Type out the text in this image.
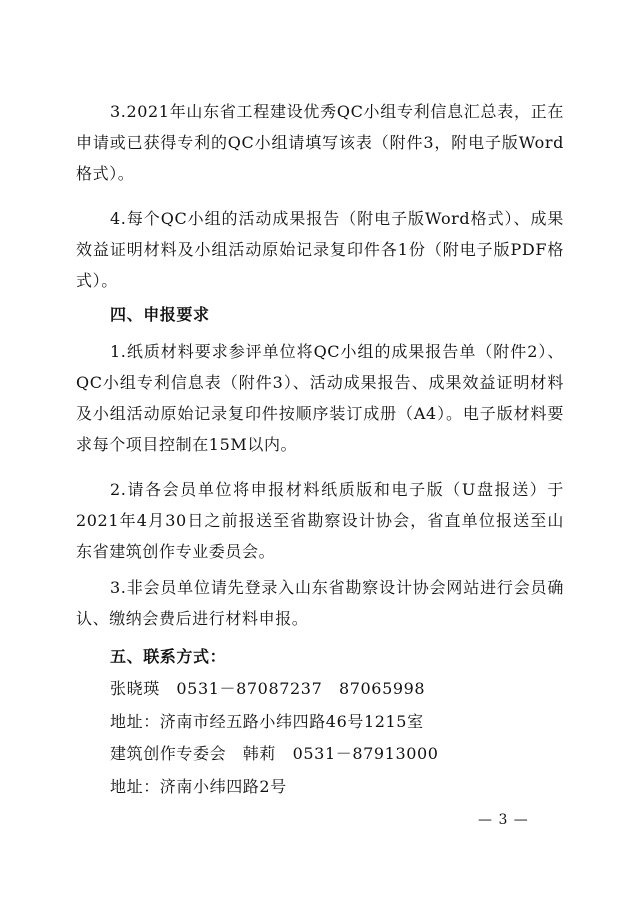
3.2021年山东省工程建设优秀QC小组专利信息汇总表，正在申请或已获得专利的QC小组请填写该表（附件3，附电子版Word格式）。

4.每个QC小组的活动成果报告（附电子版Word格式）、成果效益证明材料及小组活动原始记录复印件各1份（附电子版PDF格式）。

四、申报要求

1.纸质材料要求参评单位将QC小组的成果报告单（附件2）、QC小组专利信息表（附件3）、活动成果报告、成果效益证明材料及小组活动原始记录复印件按顺序装订成册（A4）。电子版材料要求每个项目控制在15M以内。

2.请各会员单位将申报材料纸质版和电子版（U盘报送）于2021年4月30日之前报送至省勘察设计协会，省直单位报送至山东省建筑创作专业委员会。

3.非会员单位请先登录入山东省勘察设计协会网站进行会员确认、缴纳会费后进行材料申报。

五、联系方式：
张晓瑛　0531－87087237　87065998
地址：济南市经五路小纬四路46号1215室
建筑创作专委会　韩莉　0531－87913000
地址：济南小纬四路2号
— 3 —
